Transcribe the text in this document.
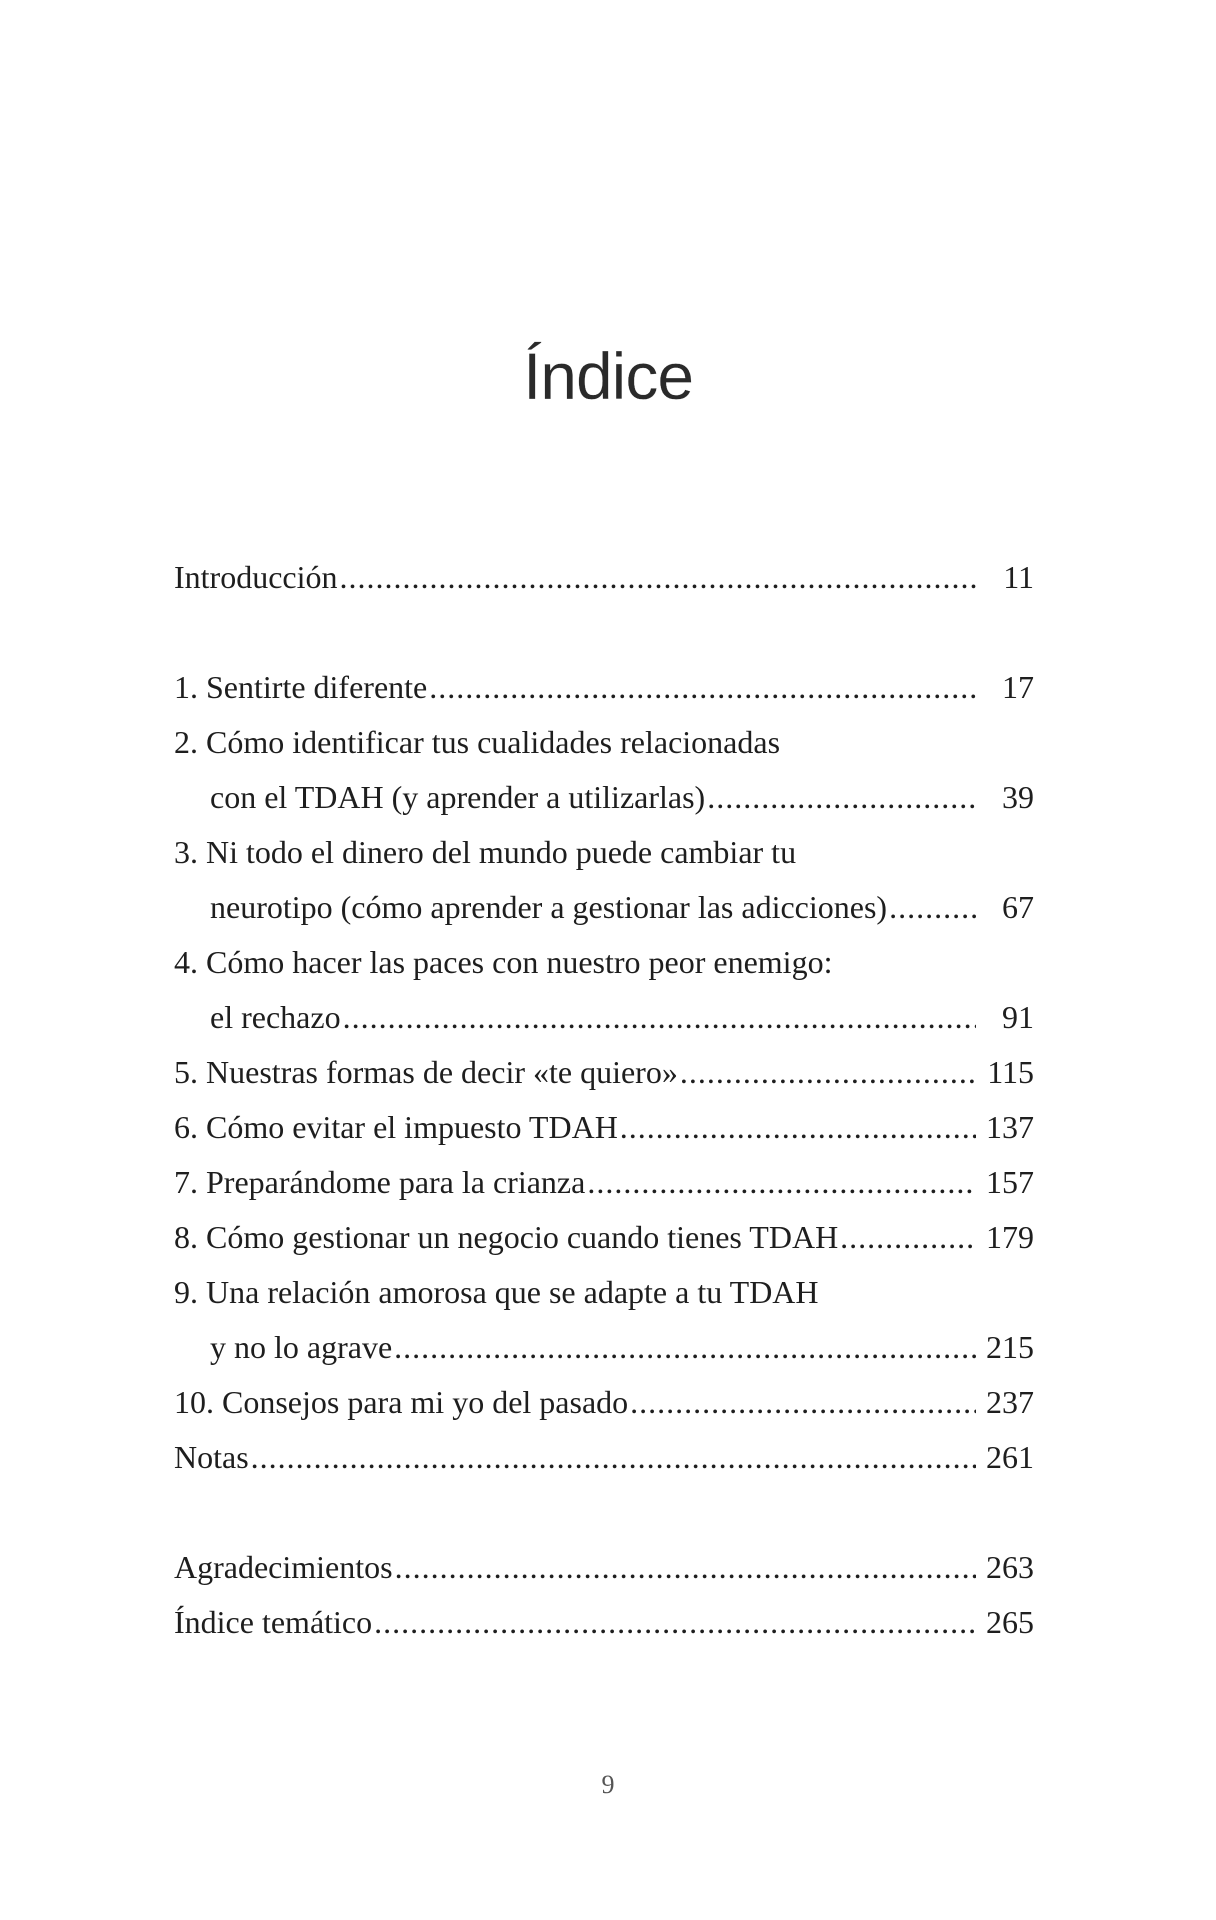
Índice
Introducción .....	11
1. Sentirte diferente .....	17
2. Cómo identificar tus cualidades relacionadas
con el TDAH (y aprender a utilizarlas) .....	39
3. Ni todo el dinero del mundo puede cambiar tu
neurotipo (cómo aprender a gestionar las adicciones) .....	67
4. Cómo hacer las paces con nuestro peor enemigo:
el rechazo .....	91
5. Nuestras formas de decir «te quiero» .....	115
6. Cómo evitar el impuesto TDAH .....	137
7. Preparándome para la crianza .....	157
8. Cómo gestionar un negocio cuando tienes TDAH .....	179
9. Una relación amorosa que se adapte a tu TDAH
y no lo agrave .....	215
10. Consejos para mi yo del pasado .....	237
Notas .....	261
Agradecimientos .....	263
Índice temático .....	265
9
